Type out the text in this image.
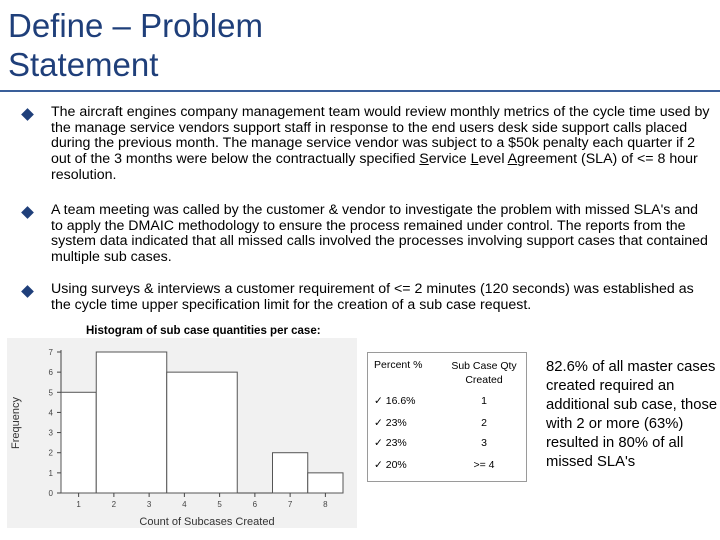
Define – Problem
Statement
The aircraft engines company management team would review monthly metrics of the cycle time used by the manage service vendors support staff in response to the end users desk side support calls placed during the previous month. The manage service vendor was subject to a $50k penalty each quarter if 2 out of the 3 months were below the contractually specified Service Level Agreement (SLA) of <= 8 hour resolution.
A team meeting was called by the customer & vendor to investigate the problem with missed SLA's and to apply the DMAIC methodology to ensure the process remained under control. The reports from the system data indicated that all missed calls involved the processes involving support cases that contained multiple sub cases.
Using surveys & interviews a customer requirement of <= 2 minutes (120 seconds) was established as the cycle time upper specification limit for the creation of a sub case request.
Histogram of sub case quantities per case:
Frequency
Count of Subcases Created
0
1
2
3
4
5
6
7
1	2	3	4	5	6	7	8
Percent %	Sub Case Qty Created
✓ 16.6%	1
✓ 23%	2
✓ 23%	3
✓ 20%	>= 4
82.6% of all master cases created required an additional sub case, those with 2 or more (63%) resulted in 80% of all missed SLA's
